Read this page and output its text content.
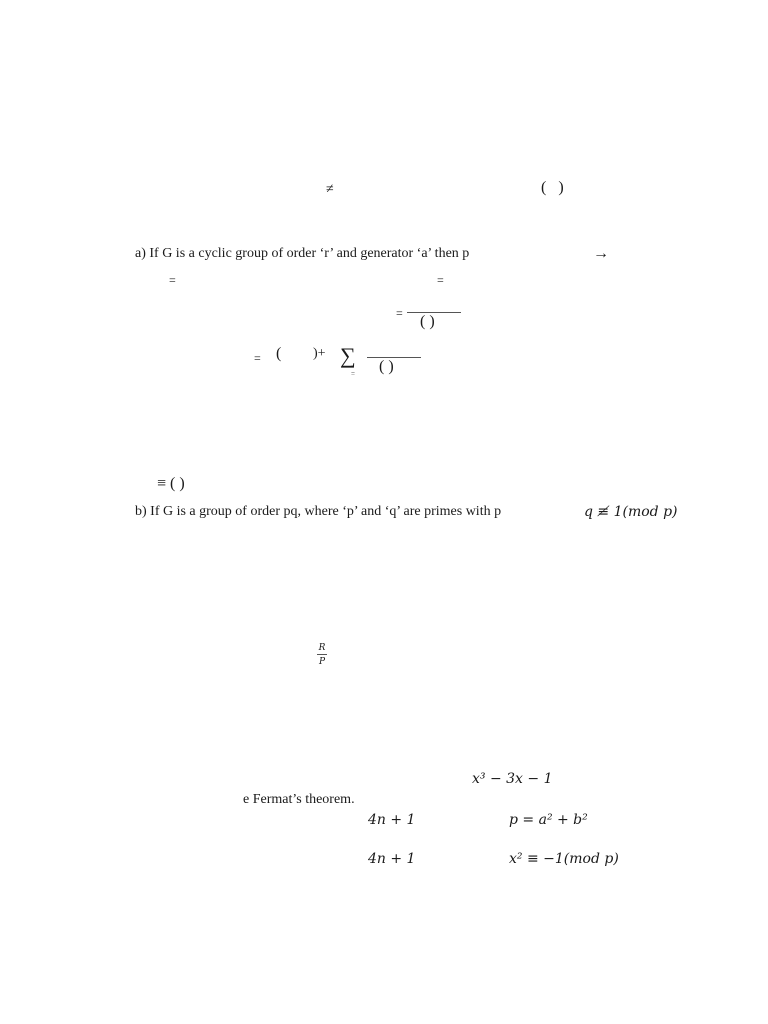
≠	( )
a) If G is a cyclic group of order ‘r’ and generator ‘a’ then p	→
=	=
= ( )
= ( )+ ∑
= ( )
≡ ( )
b) If G is a group of order pq, where ‘p’ and ‘q’ are primes with p	q ≢ 1(mod p)
R
P
x³ − 3x − 1
e Fermat’s theorem.
4n + 1	p = a² + b²
4n + 1	x² ≡ −1(mod p)
